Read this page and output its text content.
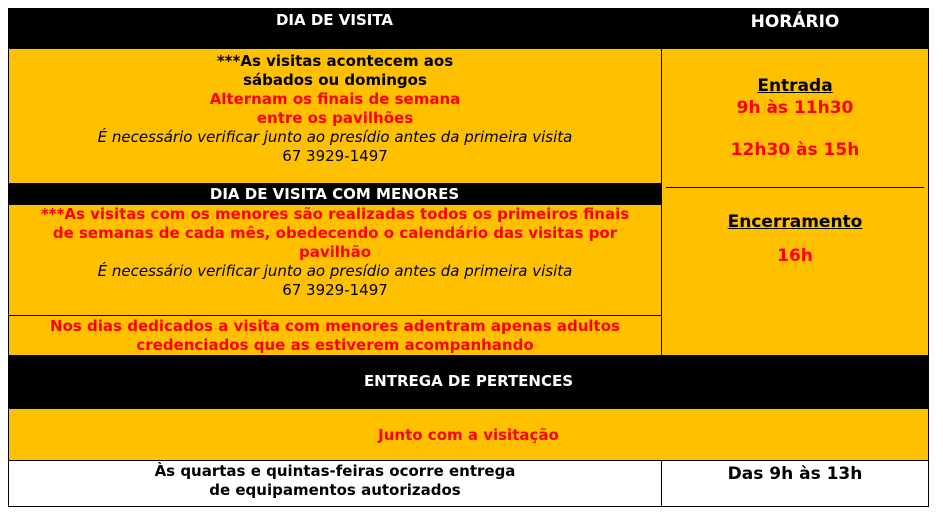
DIA DE VISITA	HORÁRIO
***As visitas acontecem aos
sábados ou domingos
Alternam os finais de semana
entre os pavilhões
É necessário verificar junto ao presídio antes da primeira visita
67 3929-1497
Entrada
9h às 11h30
12h30 às 15h
Encerramento
16h
DIA DE VISITA COM MENORES
***As visitas com os menores são realizadas todos os primeiros finais
de semanas de cada mês, obedecendo o calendário das visitas por
pavilhão
É necessário verificar junto ao presídio antes da primeira visita
67 3929-1497
Nos dias dedicados a visita com menores adentram apenas adultos
credenciados que as estiverem acompanhando
ENTREGA DE PERTENCES
Junto com a visitação
Às quartas e quintas-feiras ocorre entrega
de equipamentos autorizados
Das 9h às 13h
